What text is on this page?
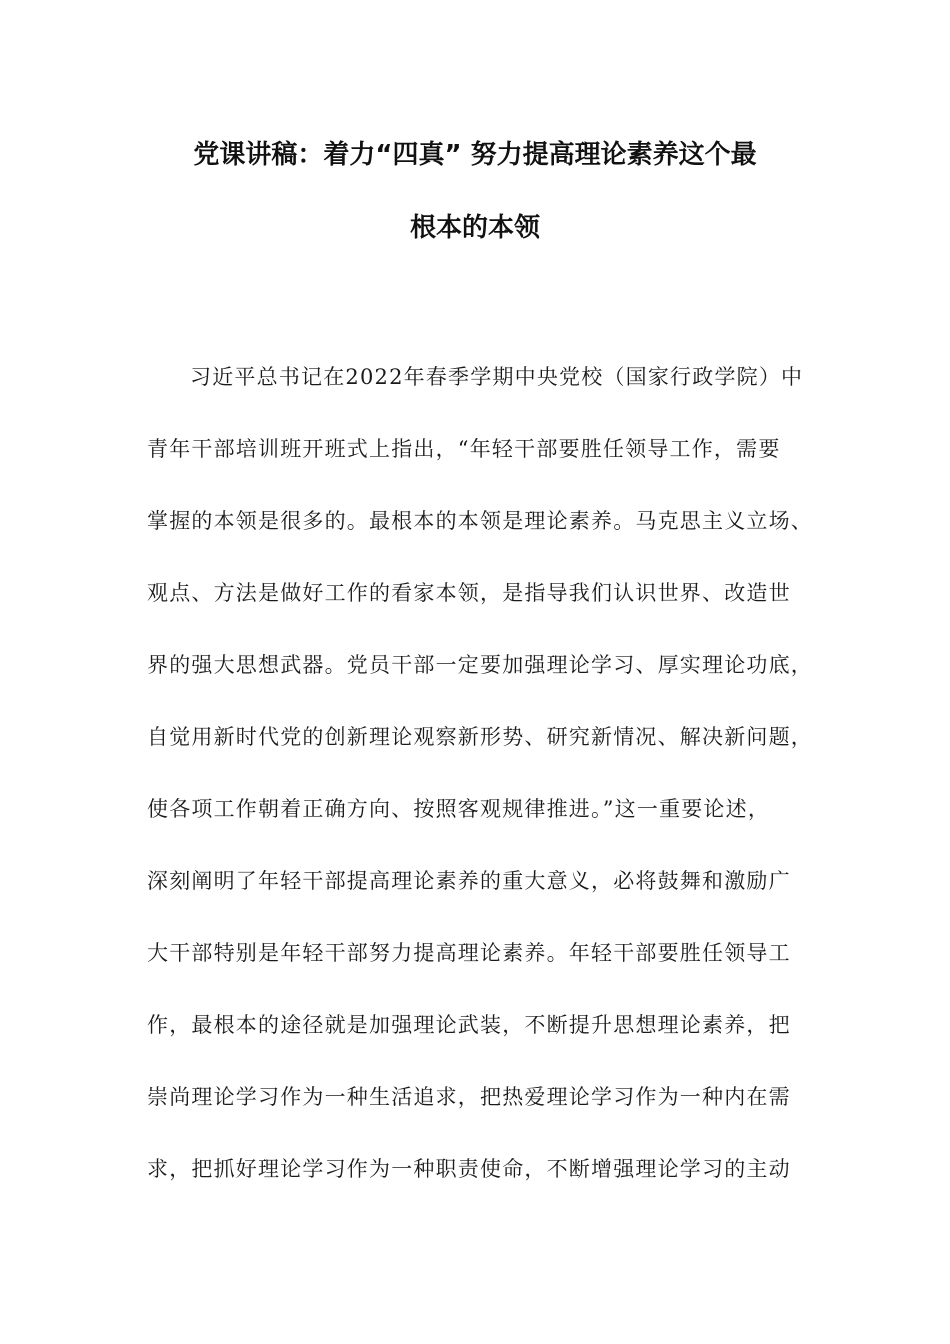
党课讲稿：着力“四真” 努力提高理论素养这个最
根本的本领
习近平总书记在2022年春季学期中央党校（国家行政学院）中
青年干部培训班开班式上指出，“年轻干部要胜任领导工作，需要
掌握的本领是很多的。最根本的本领是理论素养。马克思主义立场、
观点、方法是做好工作的看家本领，是指导我们认识世界、改造世
界的强大思想武器。党员干部一定要加强理论学习、厚实理论功底，
自觉用新时代党的创新理论观察新形势、研究新情况、解决新问题，
使各项工作朝着正确方向、按照客观规律推进。”这一重要论述，
深刻阐明了年轻干部提高理论素养的重大意义，必将鼓舞和激励广
大干部特别是年轻干部努力提高理论素养。年轻干部要胜任领导工
作，最根本的途径就是加强理论武装，不断提升思想理论素养，把
崇尚理论学习作为一种生活追求，把热爱理论学习作为一种内在需
求，把抓好理论学习作为一种职责使命，不断增强理论学习的主动
